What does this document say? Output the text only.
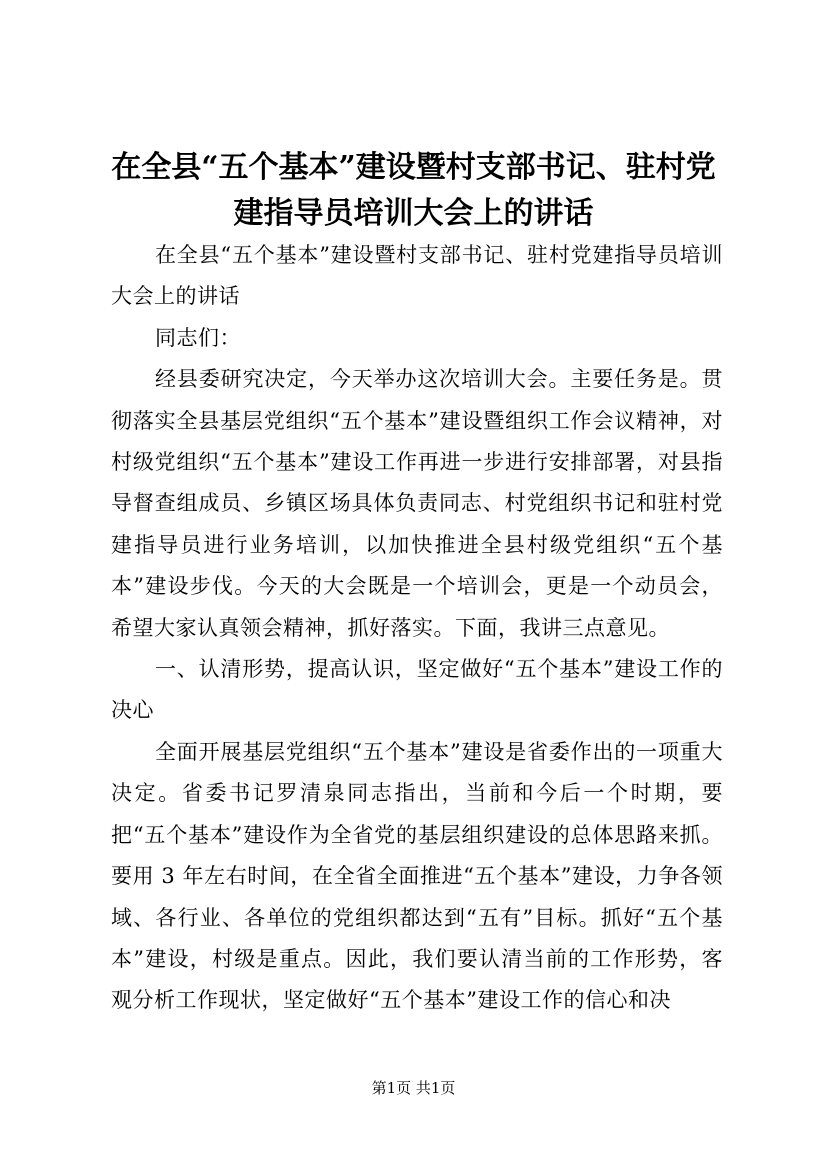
在全县“五个基本”建设暨村支部书记、驻村党建指导员培训大会上的讲话

在全县“五个基本”建设暨村支部书记、驻村党建指导员培训大会上的讲话

同志们：

经县委研究决定，今天举办这次培训大会。主要任务是。贯彻落实全县基层党组织“五个基本”建设暨组织工作会议精神，对村级党组织“五个基本”建设工作再进一步进行安排部署，对县指导督查组成员、乡镇区场具体负责同志、村党组织书记和驻村党建指导员进行业务培训，以加快推进全县村级党组织“五个基本”建设步伐。今天的大会既是一个培训会，更是一个动员会，希望大家认真领会精神，抓好落实。下面，我讲三点意见。

一、认清形势，提高认识，坚定做好“五个基本”建设工作的决心

全面开展基层党组织“五个基本”建设是省委作出的一项重大决定。省委书记罗清泉同志指出，当前和今后一个时期，要把“五个基本”建设作为全省党的基层组织建设的总体思路来抓。要用 3 年左右时间，在全省全面推进“五个基本”建设，力争各领域、各行业、各单位的党组织都达到“五有”目标。抓好“五个基本”建设，村级是重点。因此，我们要认清当前的工作形势，客观分析工作现状，坚定做好“五个基本”建设工作的信心和决

第1页 共1页
